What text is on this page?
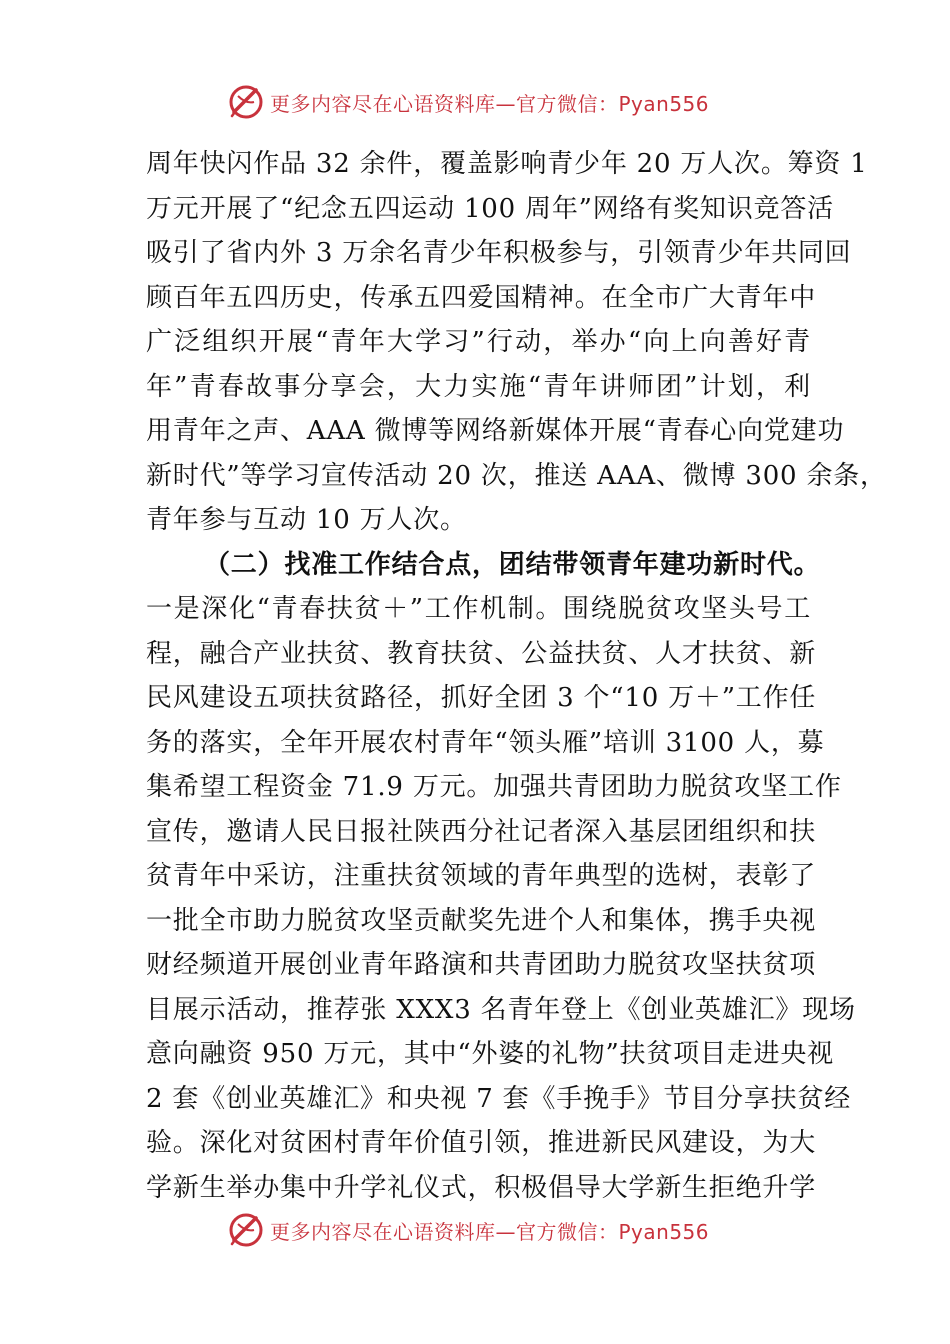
更多内容尽在心语资料库—官方微信：Pyan556
周年快闪作品 32 余件，覆盖影响青少年 20 万人次。筹资 1
万元开展了“纪念五四运动 100 周年”网络有奖知识竞答活
吸引了省内外 3 万余名青少年积极参与，引领青少年共同回
顾百年五四历史，传承五四爱国精神。在全市广大青年中
广泛组织开展“青年大学习”行动，举办“向上向善好青
年”青春故事分享会，大力实施“青年讲师团”计划，利
用青年之声、AAA 微博等网络新媒体开展“青春心向党建功
新时代”等学习宣传活动 20 次，推送 AAA、微博 300 余条，
青年参与互动 10 万人次。
（二）找准工作结合点，团结带领青年建功新时代。
一是深化“青春扶贫＋”工作机制。围绕脱贫攻坚头号工
程，融合产业扶贫、教育扶贫、公益扶贫、人才扶贫、新
民风建设五项扶贫路径，抓好全团 3 个“10 万＋”工作任
务的落实，全年开展农村青年“领头雁”培训 3100 人，募
集希望工程资金 71.9 万元。加强共青团助力脱贫攻坚工作
宣传，邀请人民日报社陕西分社记者深入基层团组织和扶
贫青年中采访，注重扶贫领域的青年典型的选树，表彰了
一批全市助力脱贫攻坚贡献奖先进个人和集体，携手央视
财经频道开展创业青年路演和共青团助力脱贫攻坚扶贫项
目展示活动，推荐张 XXX3 名青年登上《创业英雄汇》现场
意向融资 950 万元，其中“外婆的礼物”扶贫项目走进央视
2 套《创业英雄汇》和央视 7 套《手挽手》节目分享扶贫经
验。深化对贫困村青年价值引领，推进新民风建设，为大
学新生举办集中升学礼仪式，积极倡导大学新生拒绝升学
更多内容尽在心语资料库—官方微信：Pyan556
